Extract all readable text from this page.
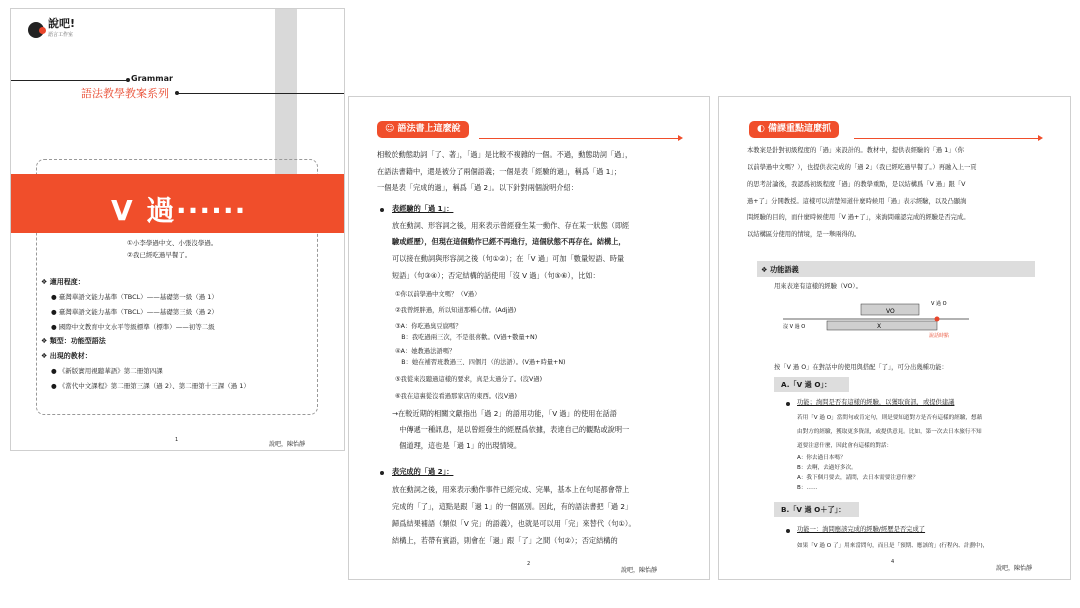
說吧!
語言工作室
Grammar
語法教學教案系列
V 過‧‧‧‧‧‧
①小李學過中文、小張沒學過。
②我已經吃過早餐了。
❖ 適用程度：
● 臺灣華語文能力基準（TBCL）——基礎第一級（過 1）
● 臺灣華語文能力基準（TBCL）——基礎第三級（過 2）
● 國際中文教育中文水平等級標準（標準）——初等二級
❖ 類型：功能型語法
❖ 出現的教材：
● 《新版實用視聽華語》第二冊第四課
● 《當代中文課程》第二冊第三課（過 2）、第二冊第十三課（過 1）
1
說吧，陳怡靜
☺ 語法書上這麼說
相較於動態助詞「了、著」，「過」是比較不複雜的一個。不過，動態助詞「過」，
在語法書籍中，還是被分了兩個語義；一個是表「經驗的過」，稱爲「過 1」；
一個是表「完成的過」，稱爲「過 2」。以下針對兩個說明介紹：
表經驗的「過 1」：
放在動詞、形容詞之後，用來表示曾經發生某一動作、存在某一狀態（即經
驗或經歷），但現在這個動作已經不再進行，這個狀態不再存在。結構上，
可以接在動詞與形容詞之後（句①②）；在「V 過」可加「數量短語、時量
短語」（句③④）；否定結構的話使用「沒 V 過」（句⑤⑥），比如：
①你以前學過中文嗎？（V過）
②我曾經胖過，所以知道那種心情。(Adj過)
③A：你吃過臭豆腐嗎？
　B：我吃過兩三次，不是很喜歡。(V過+數量+N)
④A：她教過法語嗎？
　B：她在補習班教過三、四個月（的法語）。(V過+時量+N)
⑤我從來沒聽過這樣的要求，真是太過分了。(沒V過)
⑥我在這裏從沒看過那家店的東西。(沒V過)
→在較近期的相關文獻指出「過 2」的語用功能，「V 過」的使用在話語
　中傳遞一種訊息，是以曾經發生的經歷爲依據，表達自己的觀點或說明一
　個道理，這也是「過 1」的出現情境。
表完成的「過 2」：
放在動詞之後，用來表示動作事件已經完成、完畢，基本上在句尾都會帶上
完成的「了」，這點是跟「過 1」的一個區別。因此，有的語法書把「過 2」
歸爲結果補語（類似「V 完」的語義），也就是可以用「完」來替代（句①）。
結構上，若帶有賓語，則會在「過」跟「了」之間（句②）；否定結構的
2
說吧，陳怡靜
◐ 備課重點這麼抓
本教案是針對初級程度的「過」來設計的。教材中，提供表經驗的「過 1」（你
以前學過中文嗎？），也提供表完成的「過 2」（我已經吃過早餐了。）再融入上一頁
的思考討論後，我認爲初級程度「過」的教學重點，是以結構爲「V 過」跟「V
過+了」分開教授。這樣可以清楚知道什麼時候用「過」表示經驗，以及凸顯詢
問經驗的目的，而什麼時候使用「V 過+了」，來詢問確認完成的經驗是否完成。
以結構區分使用的情境，是一舉兩得的。
❖ 功能語義
用來表達有這樣的經驗（VO）。
VO
X
V 過 O
沒 V 過 O
說話時點
按「V 過 O」在對話中的使用與搭配「了」，可分出幾種功能：
A.「V 過 O」：
功能；詢問是否有這樣的經驗，以獲取資訊，或提供建議
若用「V 過 O」當問句或肯定句，則是要知道對方是否有這樣的經驗，想藉
由對方的經驗，獲取更多資訊，或提供意見。比如，第一次去日本旅行不知
道要注意什麼，因此會有這樣的對話：
A：你去過日本嗎？
B：去啊，去過好多次。
A：我下個月要去，請問，去日本需要注意什麼？
B：……
B.「V 過 O＋了」：
功能一：詢問應該完成的經驗/經歷是否完成了
如果「V 過 O 了」用來當問句，而且是「預期、應該的」(行程內、計劃中)，
4
說吧，陳怡靜
